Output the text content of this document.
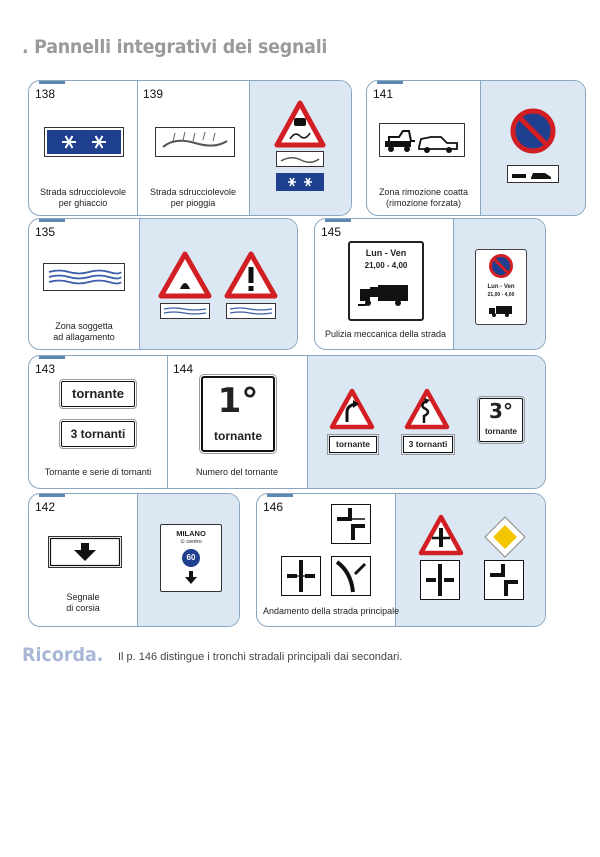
. Pannelli integrativi dei segnali
138	139
Strada sdrucciolevole
per ghiaccio
Strada sdrucciolevole
per pioggia
141
Zona rimozione coatta
(rimozione forzata)
135
Zona soggetta
ad allagamento
145
Lun - Ven
21,00 - 4,00
Pulizia meccanica della strada
Lun - Ven
21,00 - 4,00
143	144
tornante
3 tornanti
Tornante e serie di tornanti
1°
tornante
Numero del tornante
tornante	3 tornanti
3°
tornante
142
Segnale
di corsia
MILANO
⊙ centro
60
146
Andamento della strada principale
Ricorda. Il p. 146 distingue i tronchi stradali principali dai secondari.
